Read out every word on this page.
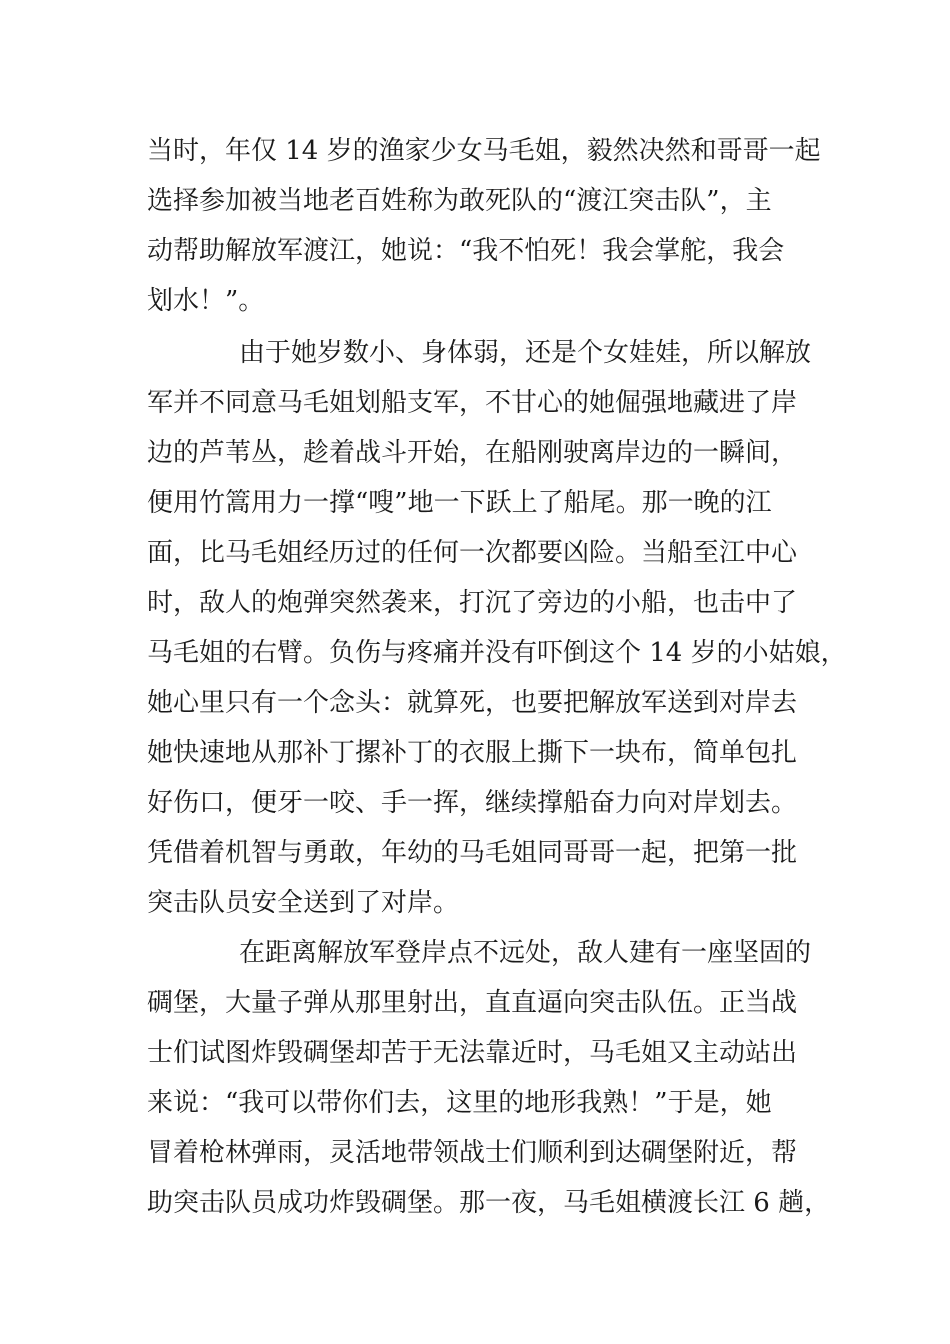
当时，年仅 14 岁的渔家少女马毛姐，毅然决然和哥哥一起
选择参加被当地老百姓称为敢死队的“渡江突击队”，主
动帮助解放军渡江，她说：“我不怕死！我会掌舵，我会
划水！”。
由于她岁数小、身体弱，还是个女娃娃，所以解放
军并不同意马毛姐划船支军，不甘心的她倔强地藏进了岸
边的芦苇丛，趁着战斗开始，在船刚驶离岸边的一瞬间，
便用竹篙用力一撑“嗖”地一下跃上了船尾。那一晚的江
面，比马毛姐经历过的任何一次都要凶险。当船至江中心
时，敌人的炮弹突然袭来，打沉了旁边的小船，也击中了
马毛姐的右臂。负伤与疼痛并没有吓倒这个 14 岁的小姑娘，
她心里只有一个念头：就算死，也要把解放军送到对岸去
她快速地从那补丁摞补丁的衣服上撕下一块布，简单包扎
好伤口，便牙一咬、手一挥，继续撑船奋力向对岸划去。
凭借着机智与勇敢，年幼的马毛姐同哥哥一起，把第一批
突击队员安全送到了对岸。
在距离解放军登岸点不远处，敌人建有一座坚固的
碉堡，大量子弹从那里射出，直直逼向突击队伍。正当战
士们试图炸毁碉堡却苦于无法靠近时，马毛姐又主动站出
来说：“我可以带你们去，这里的地形我熟！”于是，她
冒着枪林弹雨，灵活地带领战士们顺利到达碉堡附近，帮
助突击队员成功炸毁碉堡。那一夜，马毛姐横渡长江 6 趟，
